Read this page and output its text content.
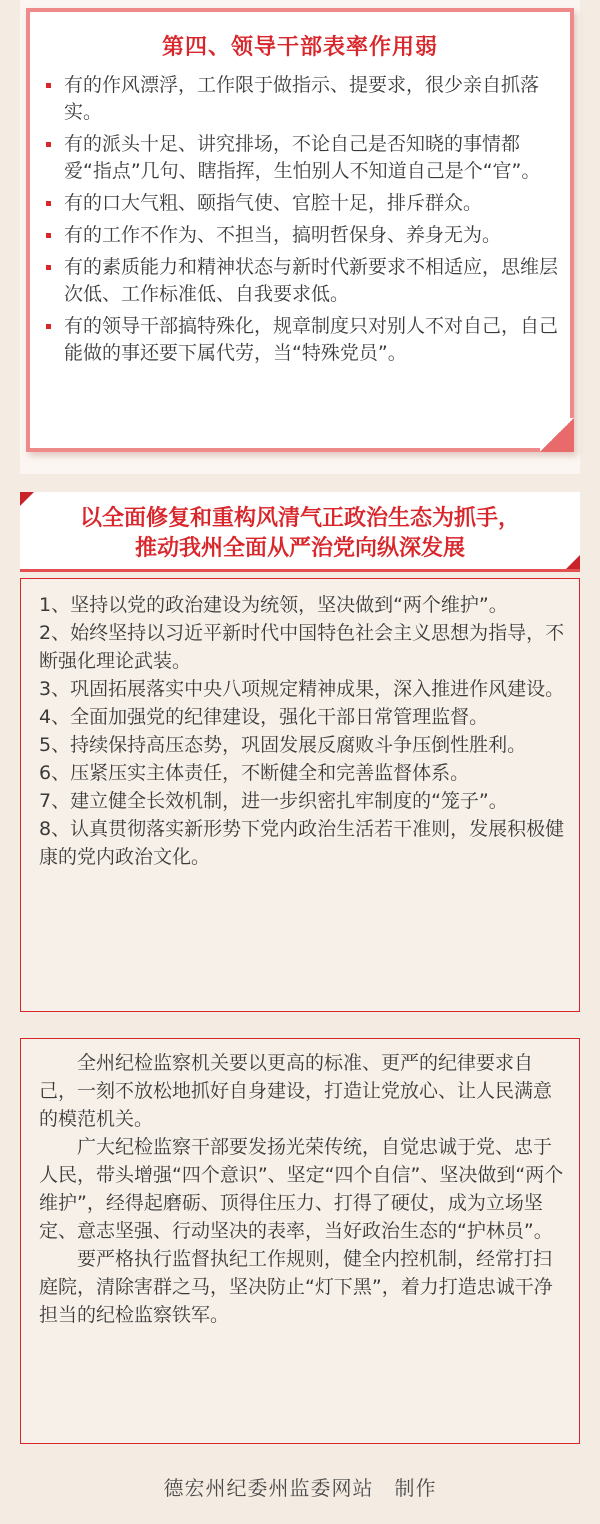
第四、领导干部表率作用弱
有的作风漂浮，工作限于做指示、提要求，很少亲自抓落实。
有的派头十足、讲究排场，不论自己是否知晓的事情都爱“指点”几句、瞎指挥，生怕别人不知道自己是个“官”。
有的口大气粗、颐指气使、官腔十足，排斥群众。
有的工作不作为、不担当，搞明哲保身、养身无为。
有的素质能力和精神状态与新时代新要求不相适应，思维层次低、工作标准低、自我要求低。
有的领导干部搞特殊化，规章制度只对别人不对自己，自己能做的事还要下属代劳，当“特殊党员”。
以全面修复和重构风清气正政治生态为抓手，
推动我州全面从严治党向纵深发展
1、坚持以党的政治建设为统领，坚决做到“两个维护”。
2、始终坚持以习近平新时代中国特色社会主义思想为指导，不断强化理论武装。
3、巩固拓展落实中央八项规定精神成果，深入推进作风建设。
4、全面加强党的纪律建设，强化干部日常管理监督。
5、持续保持高压态势，巩固发展反腐败斗争压倒性胜利。
6、压紧压实主体责任，不断健全和完善监督体系。
7、建立健全长效机制，进一步织密扎牢制度的“笼子”。
8、认真贯彻落实新形势下党内政治生活若干准则，发展积极健康的党内政治文化。

全州纪检监察机关要以更高的标准、更严的纪律要求自己，一刻不放松地抓好自身建设，打造让党放心、让人民满意的模范机关。

广大纪检监察干部要发扬光荣传统，自觉忠诚于党、忠于人民，带头增强“四个意识”、坚定“四个自信”、坚决做到“两个维护”，经得起磨砺、顶得住压力、打得了硬仗，成为立场坚定、意志坚强、行动坚决的表率，当好政治生态的“护林员”。

要严格执行监督执纪工作规则，健全内控机制，经常打扫庭院，清除害群之马，坚决防止“灯下黑”，着力打造忠诚干净担当的纪检监察铁军。

德宏州纪委州监委网站　制作
